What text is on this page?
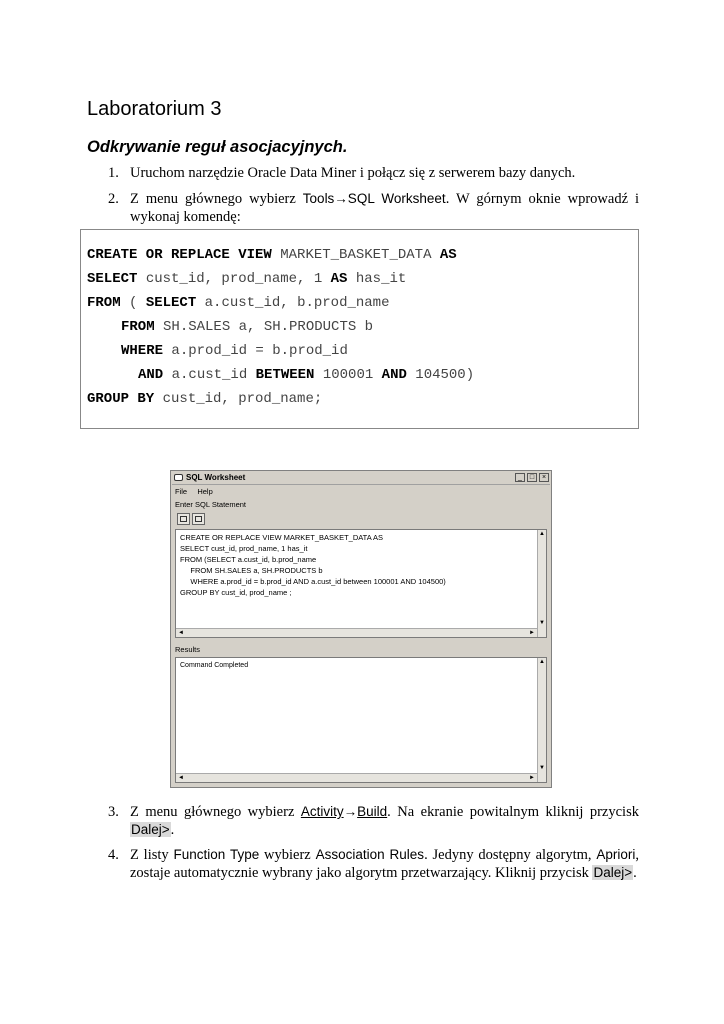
Laboratorium 3
Odkrywanie reguł asocjacyjnych.
1. Uruchom narzędzie Oracle Data Miner i połącz się z serwerem bazy danych.
2. Z menu głównego wybierz Tools→SQL Worksheet. W górnym oknie wprowadź i wykonaj komendę:
CREATE OR REPLACE VIEW MARKET_BASKET_DATA AS
SELECT cust_id, prod_name, 1 AS has_it
FROM ( SELECT a.cust_id, b.prod_name
FROM SH.SALES a, SH.PRODUCTS b
WHERE a.prod_id = b.prod_id
AND a.cust_id BETWEEN 100001 AND 104500)
GROUP BY cust_id, prod_name;
SQL Worksheet	_	□	×
File Help
Enter SQL Statement
CREATE OR REPLACE VIEW MARKET_BASKET_DATA AS
SELECT cust_id, prod_name, 1 has_it
FROM (SELECT a.cust_id, b.prod_name
FROM SH.SALES a, SH.PRODUCTS b
WHERE a.prod_id = b.prod_id AND a.cust_id between 100001 AND 104500)
GROUP BY cust_id, prod_name ;
▲
▼
◄	►
Results
Command Completed	▲
▼
◄	►
3. Z menu głównego wybierz Activity→Build. Na ekranie powitalnym kliknij przycisk Dalej>.
4. Z listy Function Type wybierz Association Rules. Jedyny dostępny algorytm, Apriori, zostaje automatycznie wybrany jako algorytm przetwarzający. Kliknij przycisk Dalej>.
